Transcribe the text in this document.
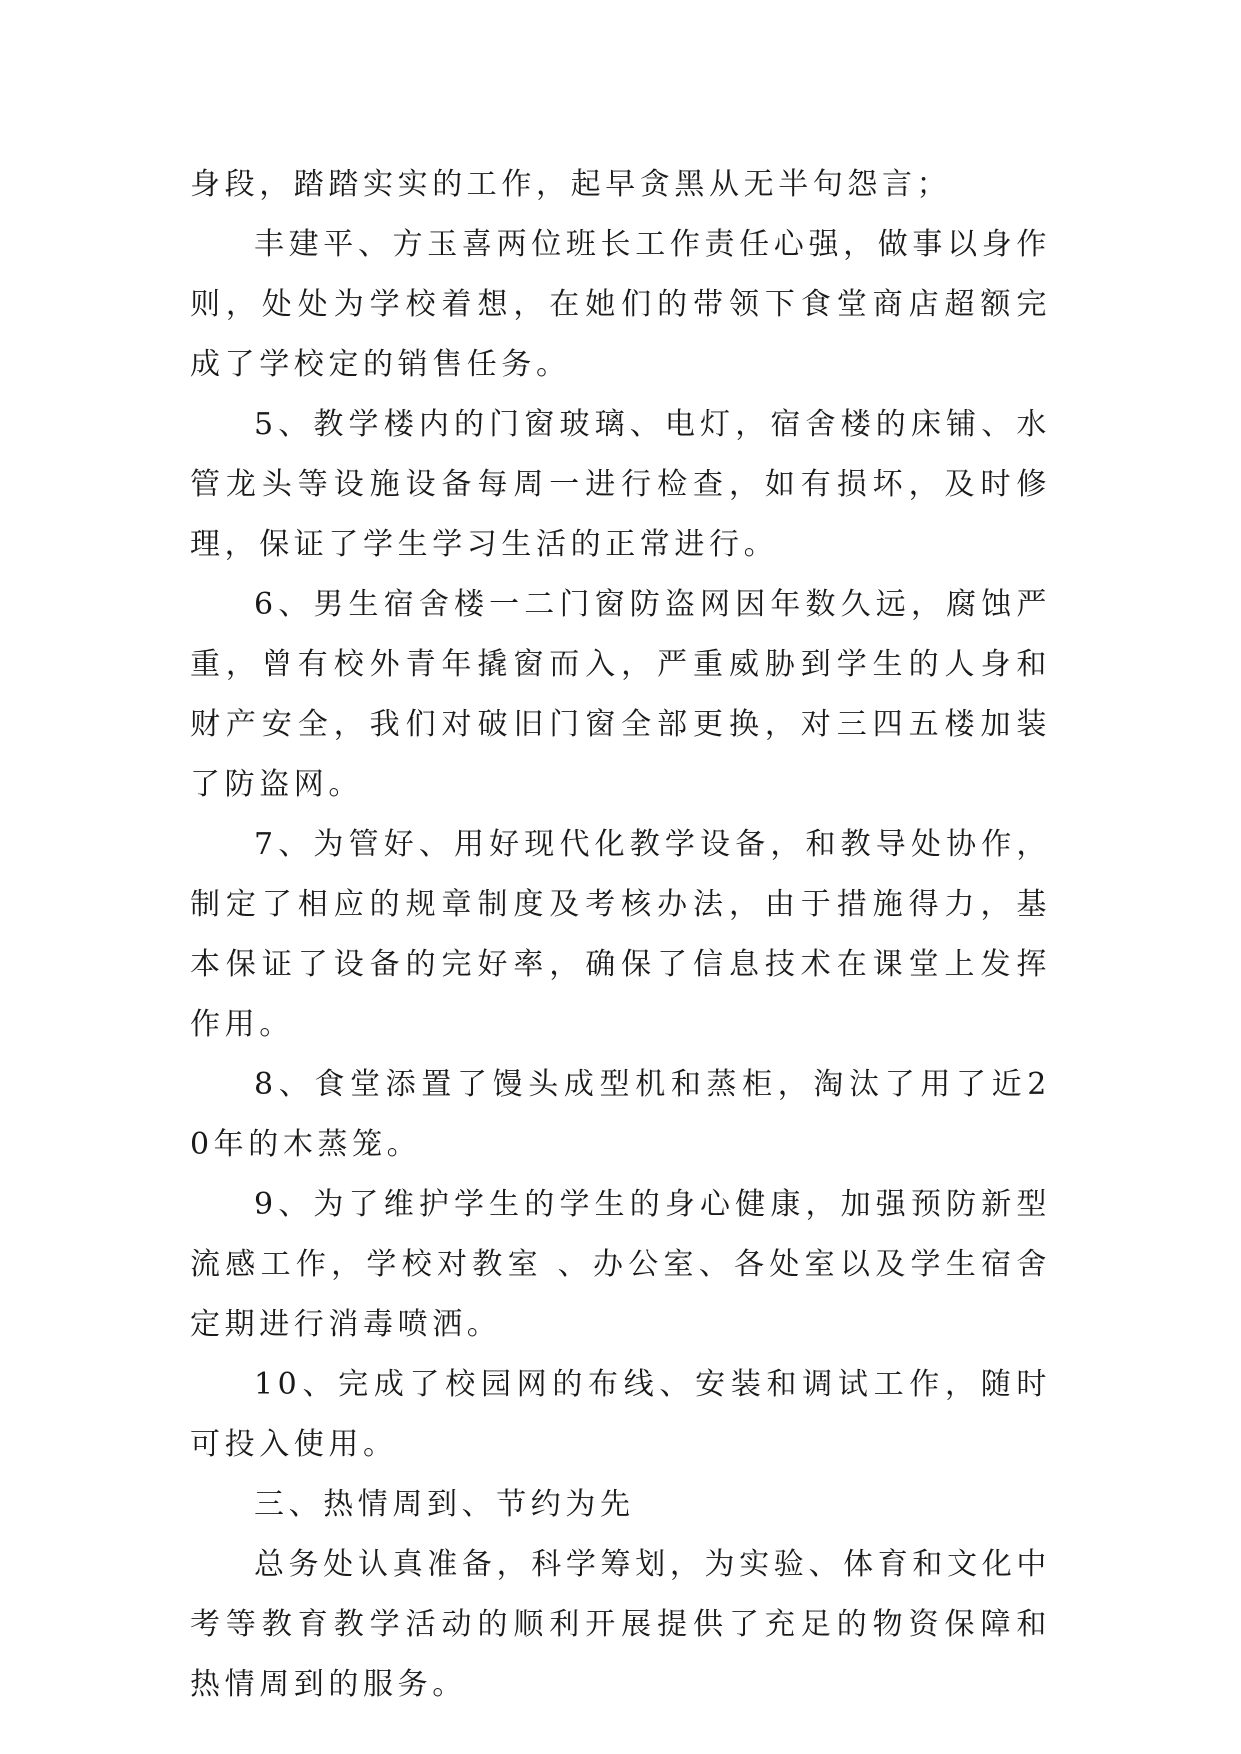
身段，踏踏实实的工作，起早贪黑从无半句怨言；

丰建平、方玉喜两位班长工作责任心强，做事以身作则，处处为学校着想，在她们的带领下食堂商店超额完成了学校定的销售任务。

5、教学楼内的门窗玻璃、电灯，宿舍楼的床铺、水管龙头等设施设备每周一进行检查，如有损坏，及时修理，保证了学生学习生活的正常进行。

6、男生宿舍楼一二门窗防盗网因年数久远，腐蚀严重，曾有校外青年撬窗而入，严重威胁到学生的人身和财产安全，我们对破旧门窗全部更换，对三四五楼加装了防盗网。

7、为管好、用好现代化教学设备，和教导处协作，制定了相应的规章制度及考核办法，由于措施得力，基本保证了设备的完好率，确保了信息技术在课堂上发挥作用。

8、食堂添置了馒头成型机和蒸柜，淘汰了用了近20年的木蒸笼。

9、为了维护学生的学生的身心健康，加强预防新型流感工作，学校对教室 、办公室、各处室以及学生宿舍定期进行消毒喷洒。

10、完成了校园网的布线、安装和调试工作，随时可投入使用。

三、热情周到、节约为先

总务处认真准备，科学筹划，为实验、体育和文化中考等教育教学活动的顺利开展提供了充足的物资保障和热情周到的服务。
